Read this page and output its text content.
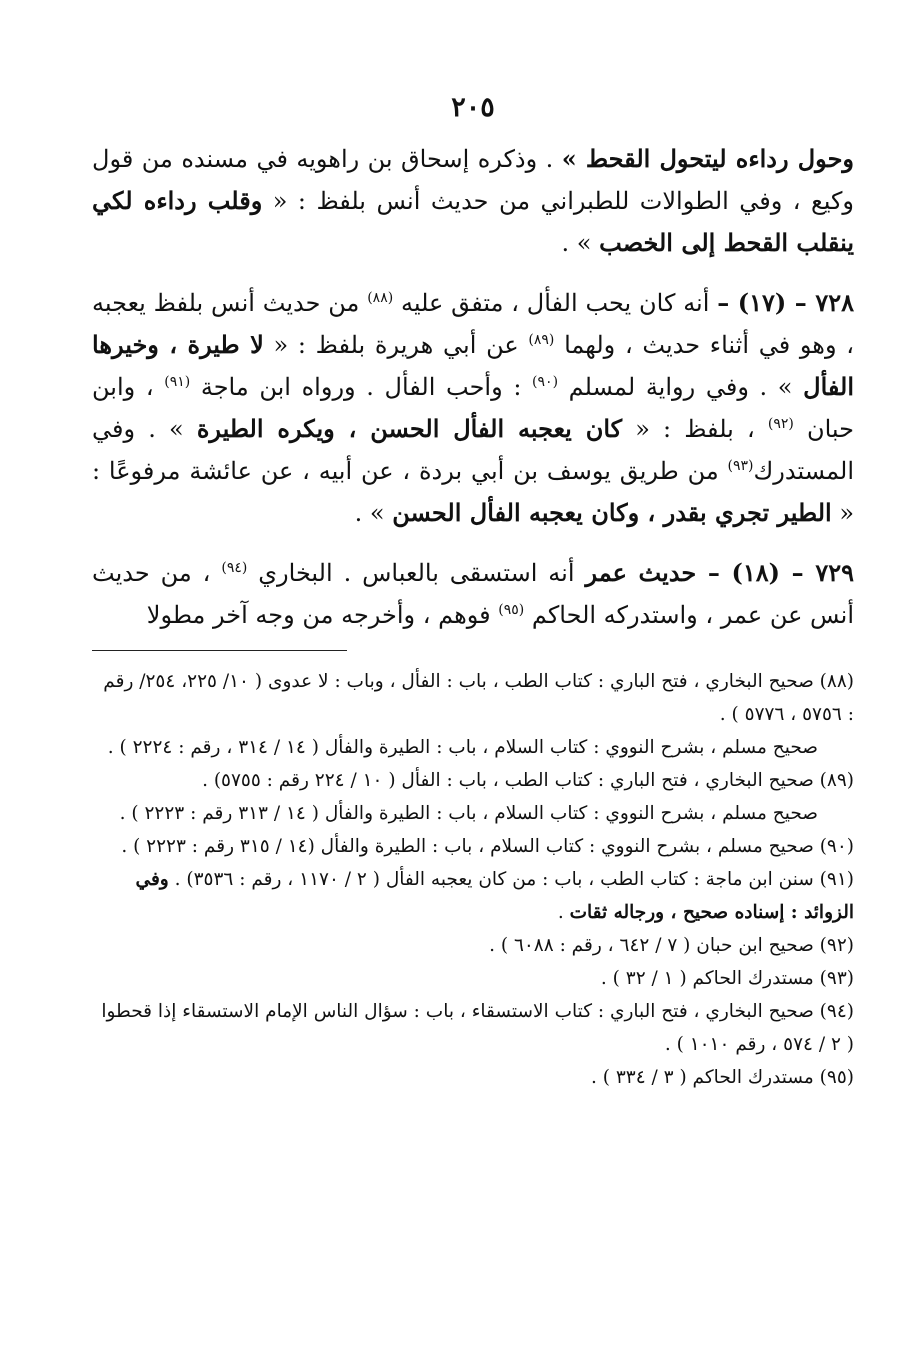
٢٠٥

وحول رداءه ليتحول القحط » . وذكره إسحاق بن راهويه في مسنده من قول وكيع ، وفي الطوالات للطبراني من حديث أنس بلفظ : « وقلب رداءه لكي ينقلب القحط إلى الخصب » .

٧٢٨ – (١٧) – أنه كان يحب الفأل ، متفق عليه $^{(٨٨)}$ من حديث أنس بلفظ يعجبه ، وهو في أثناء حديث ، ولهما $^{(٨٩)}$ عن أبي هريرة بلفظ : « لا طيرة ، وخيرها الفأل » . وفي رواية لمسلم $^{(٩٠)}$ : وأحب الفأل . ورواه ابن ماجة $^{(٩١)}$ ، وابن حبان $^{(٩٢)}$ ، بلفظ : « كان يعجبه الفأل الحسن ، ويكره الطيرة » . وفي المستدرك$^{(٩٣)}$ من طريق يوسف بن أبي بردة ، عن أبيه ، عن عائشة مرفوعًا : « الطير تجري بقدر ، وكان يعجبه الفأل الحسن » .

٧٢٩ – (١٨) – حديث عمر أنه استسقى بالعباس . البخاري $^{(٩٤)}$ ، من حديث أنس عن عمر ، واستدركه الحاكم $^{(٩٥)}$ فوهم ، وأخرجه من وجه آخر مطولا

(٨٨) صحيح البخاري ، فتح الباري : كتاب الطب ، باب : الفأل ، وباب : لا عدوى ( ١٠/ ٢٢٥، ٢٥٤/ رقم : ٥٧٥٦ ، ٥٧٧٦ ) .
صحيح مسلم ، بشرح النووي : كتاب السلام ، باب : الطيرة والفأل ( ١٤ / ٣١٤ ، رقم : ٢٢٢٤ ) .
(٨٩) صحيح البخاري ، فتح الباري : كتاب الطب ، باب : الفأل ( ١٠ / ٢٢٤ رقم : ٥٧٥٥) .
صحيح مسلم ، بشرح النووي : كتاب السلام ، باب : الطيرة والفأل ( ١٤ / ٣١٣ رقم : ٢٢٢٣ ) .
(٩٠) صحيح مسلم ، بشرح النووي : كتاب السلام ، باب : الطيرة والفأل (١٤ / ٣١٥ رقم : ٢٢٢٣ ) .
(٩١) سنن ابن ماجة : كتاب الطب ، باب : من كان يعجبه الفأل ( ٢ / ١١٧٠ ، رقم : ٣٥٣٦) . وفي الزوائد : إسناده صحيح ، ورجاله ثقات .
(٩٢) صحيح ابن حبان ( ٧ / ٦٤٢ ، رقم : ٦٠٨٨ ) .
(٩٣) مستدرك الحاكم ( ١ / ٣٢ ) .
(٩٤) صحيح البخاري ، فتح الباري : كتاب الاستسقاء ، باب : سؤال الناس الإمام الاستسقاء إذا قحطوا ( ٢ / ٥٧٤ ، رقم ١٠١٠ ) .
(٩٥) مستدرك الحاكم ( ٣ / ٣٣٤ ) .
